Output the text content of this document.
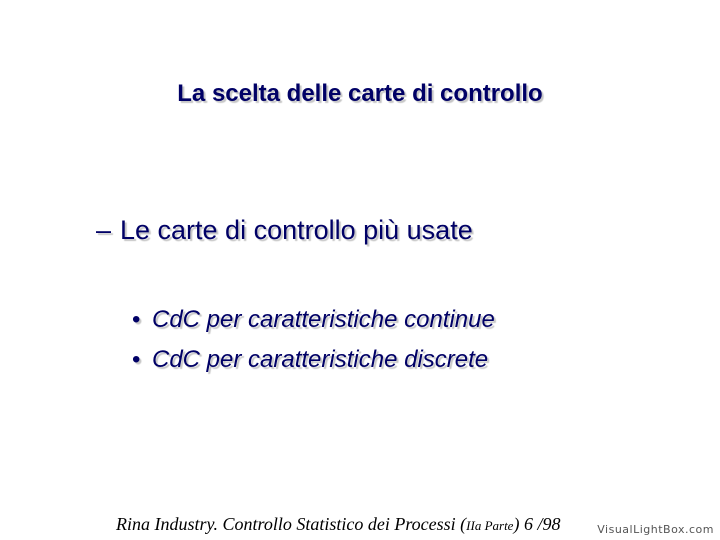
La scelta delle carte di controllo
– Le carte di controllo più usate
• CdC per caratteristiche continue
• CdC per caratteristiche discrete
Rina Industry. Controllo Statistico dei Processi (IIa Parte) 6 /98	VisualLightBox.com
